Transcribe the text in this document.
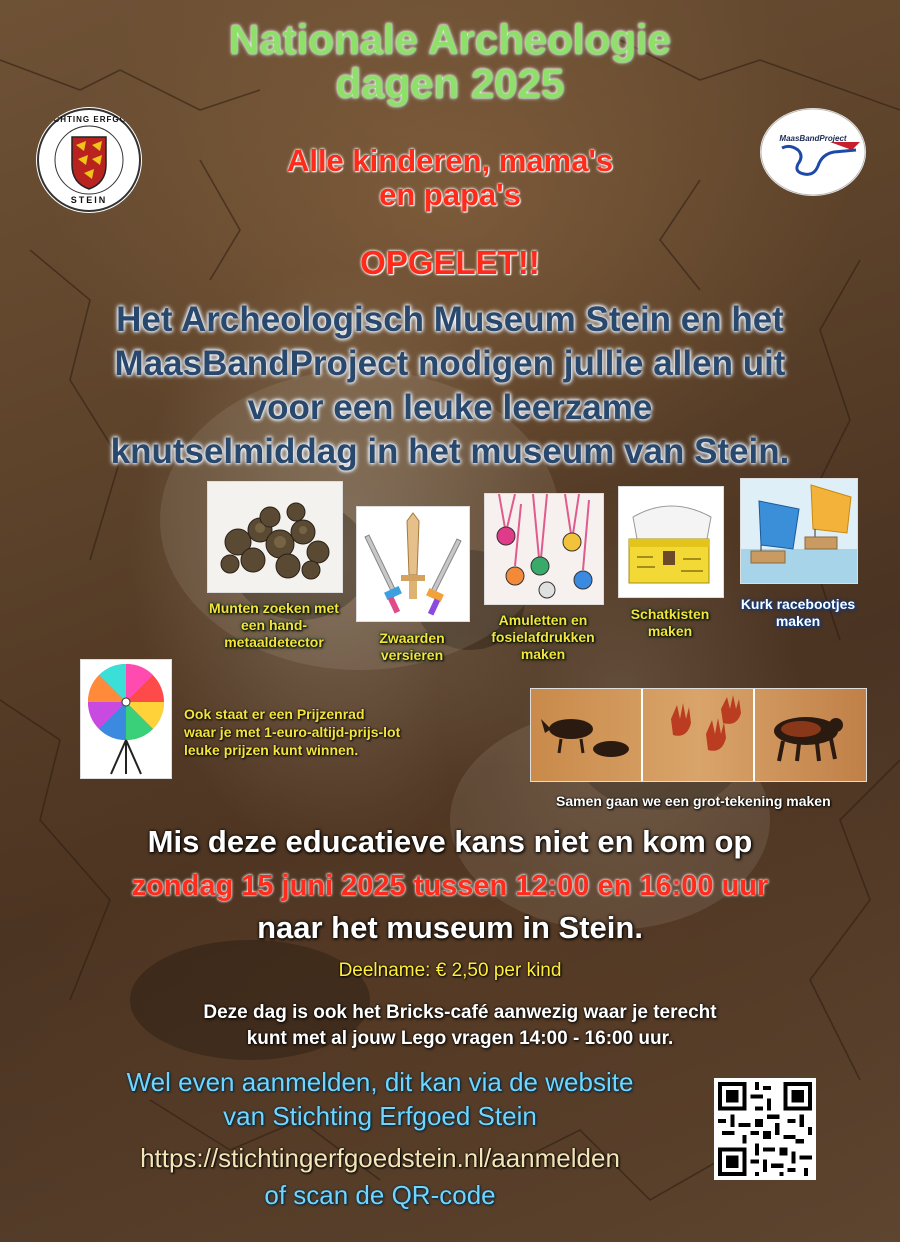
Nationale Archeologie
dagen 2025
STICHTING ERFGOED
STEIN
MaasBandProject
Alle kinderen, mama's
en papa's
OPGELET!!
Het Archeologisch Museum Stein en het
MaasBandProject nodigen jullie allen uit
voor een leuke leerzame
knutselmiddag in het museum van Stein.
Munten zoeken met een hand-metaaldetector	Zwaarden versieren
Amuletten en fosielafdrukken maken
Schatkisten maken
Kurk racebootjes maken
Ook staat er een Prijzenrad
waar je met 1-euro-altijd-prijs-lot
leuke prijzen kunt winnen.
Samen gaan we een grot-tekening maken
Mis deze educatieve kans niet en kom op
zondag 15 juni 2025 tussen 12:00 en 16:00 uur
naar het museum in Stein.
Deelname: € 2,50 per kind
Deze dag is ook het Bricks-café aanwezig waar je terecht
kunt met al jouw Lego vragen 14:00 - 16:00 uur.
Wel even aanmelden, dit kan via de website
van Stichting Erfgoed Stein
https://stichtingerfgoedstein.nl/aanmelden
of scan de QR-code
